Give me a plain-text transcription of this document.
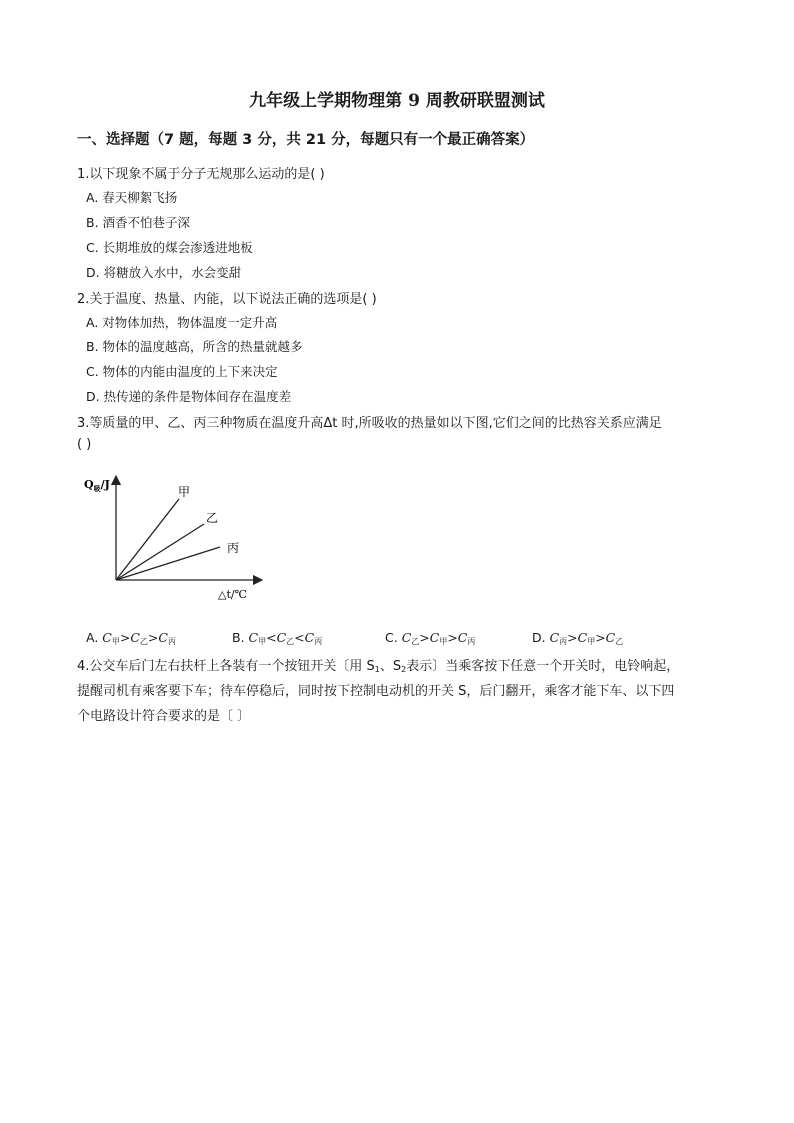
九年级上学期物理第 9 周教研联盟测试
一、选择题（7 题，每题 3 分，共 21 分，每题只有一个最正确答案）
1.以下现象不属于分子无规那么运动的是( )
A. 春天柳絮飞扬
B. 酒香不怕巷子深
C. 长期堆放的煤会渗透进地板
D. 将糖放入水中，水会变甜
2.关于温度、热量、内能，以下说法正确的选项是( )
A. 对物体加热，物体温度一定升高
B. 物体的温度越高，所含的热量就越多
C. 物体的内能由温度的上下来决定
D. 热传递的条件是物体间存在温度差
3.等质量的甲、乙、丙三种物质在温度升高Δt 时,所吸收的热量如以下图,它们之间的比热容关系应满足
( )
甲
乙
丙
$Q_吸/J$
△t/℃
A. $C_甲>C_乙>C_丙$	B. $C_甲<C_乙<C_丙$	C. $C_乙>C_甲>C_丙$	D. $C_丙>C_甲>C_乙$
4.公交车后门左右扶杆上各装有一个按钮开关〔用 $S_1$、$S_2$表示〕当乘客按下任意一个开关时，电铃响起，
提醒司机有乘客要下车；待车停稳后，同时按下控制电动机的开关 S，后门翻开，乘客才能下车、以下四
个电路设计符合要求的是〔 〕
